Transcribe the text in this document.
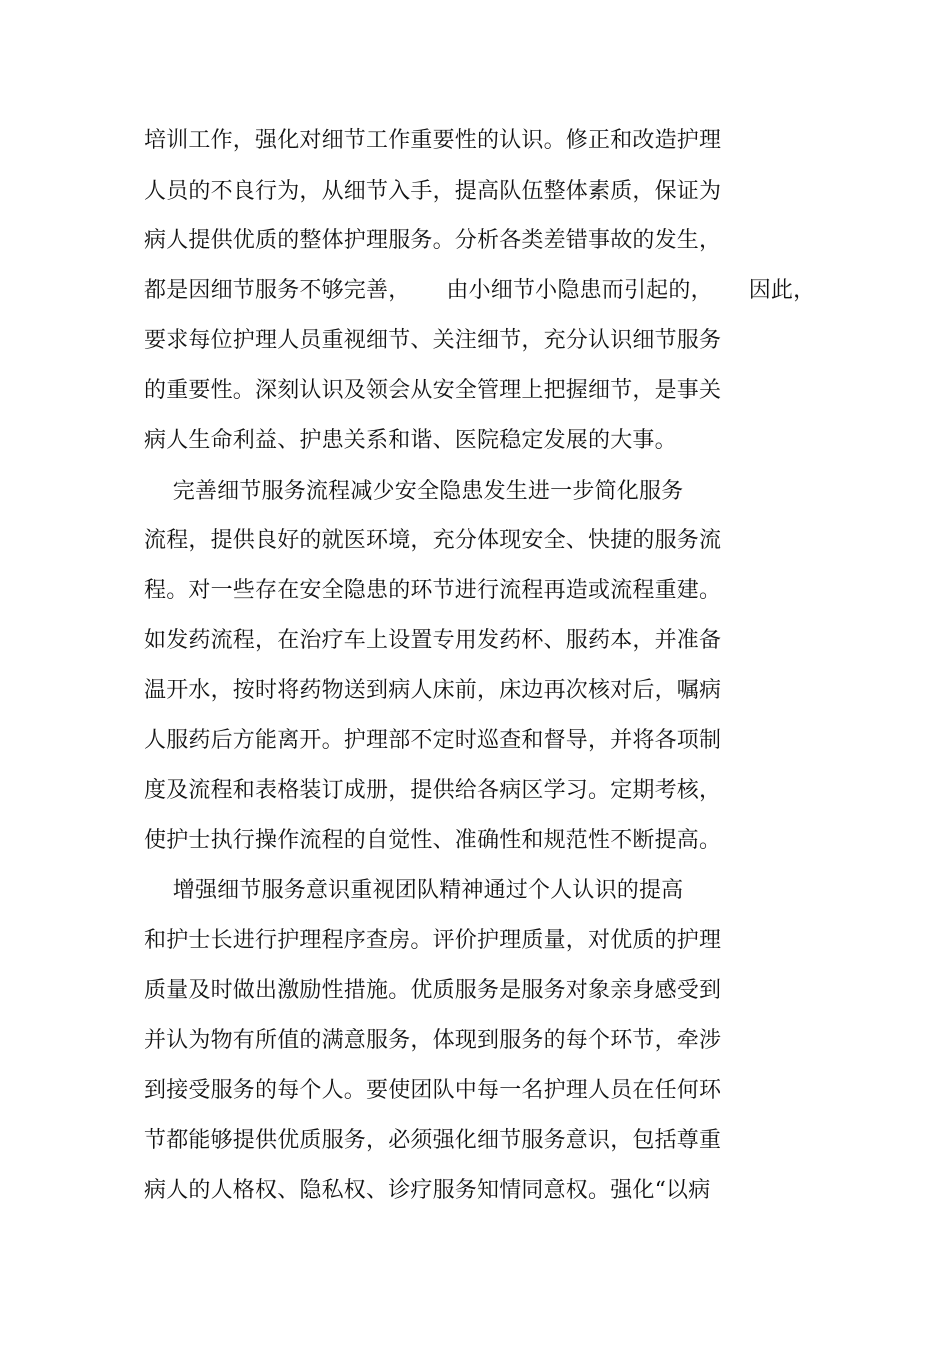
培训工作，强化对细节工作重要性的认识。修正和改造护理
人员的不良行为，从细节入手，提高队伍整体素质，保证为
病人提供优质的整体护理服务。分析各类差错事故的发生，
都是因细节服务不够完善，     由小细节小隐患而引起的，     因此，
要求每位护理人员重视细节、关注细节，充分认识细节服务
的重要性。深刻认识及领会从安全管理上把握细节，是事关
病人生命利益、护患关系和谐、医院稳定发展的大事。
完善细节服务流程减少安全隐患发生进一步简化服务
流程，提供良好的就医环境，充分体现安全、快捷的服务流
程。对一些存在安全隐患的环节进行流程再造或流程重建。
如发药流程，在治疗车上设置专用发药杯、服药本，并准备
温开水，按时将药物送到病人床前，床边再次核对后，嘱病
人服药后方能离开。护理部不定时巡查和督导，并将各项制
度及流程和表格装订成册，提供给各病区学习。定期考核，
使护士执行操作流程的自觉性、准确性和规范性不断提高。
增强细节服务意识重视团队精神通过个人认识的提高
和护士长进行护理程序查房。评价护理质量，对优质的护理
质量及时做出激励性措施。优质服务是服务对象亲身感受到
并认为物有所值的满意服务，体现到服务的每个环节，牵涉
到接受服务的每个人。要使团队中每一名护理人员在任何环
节都能够提供优质服务，必须强化细节服务意识，包括尊重
病人的人格权、隐私权、诊疗服务知情同意权。强化“以病
